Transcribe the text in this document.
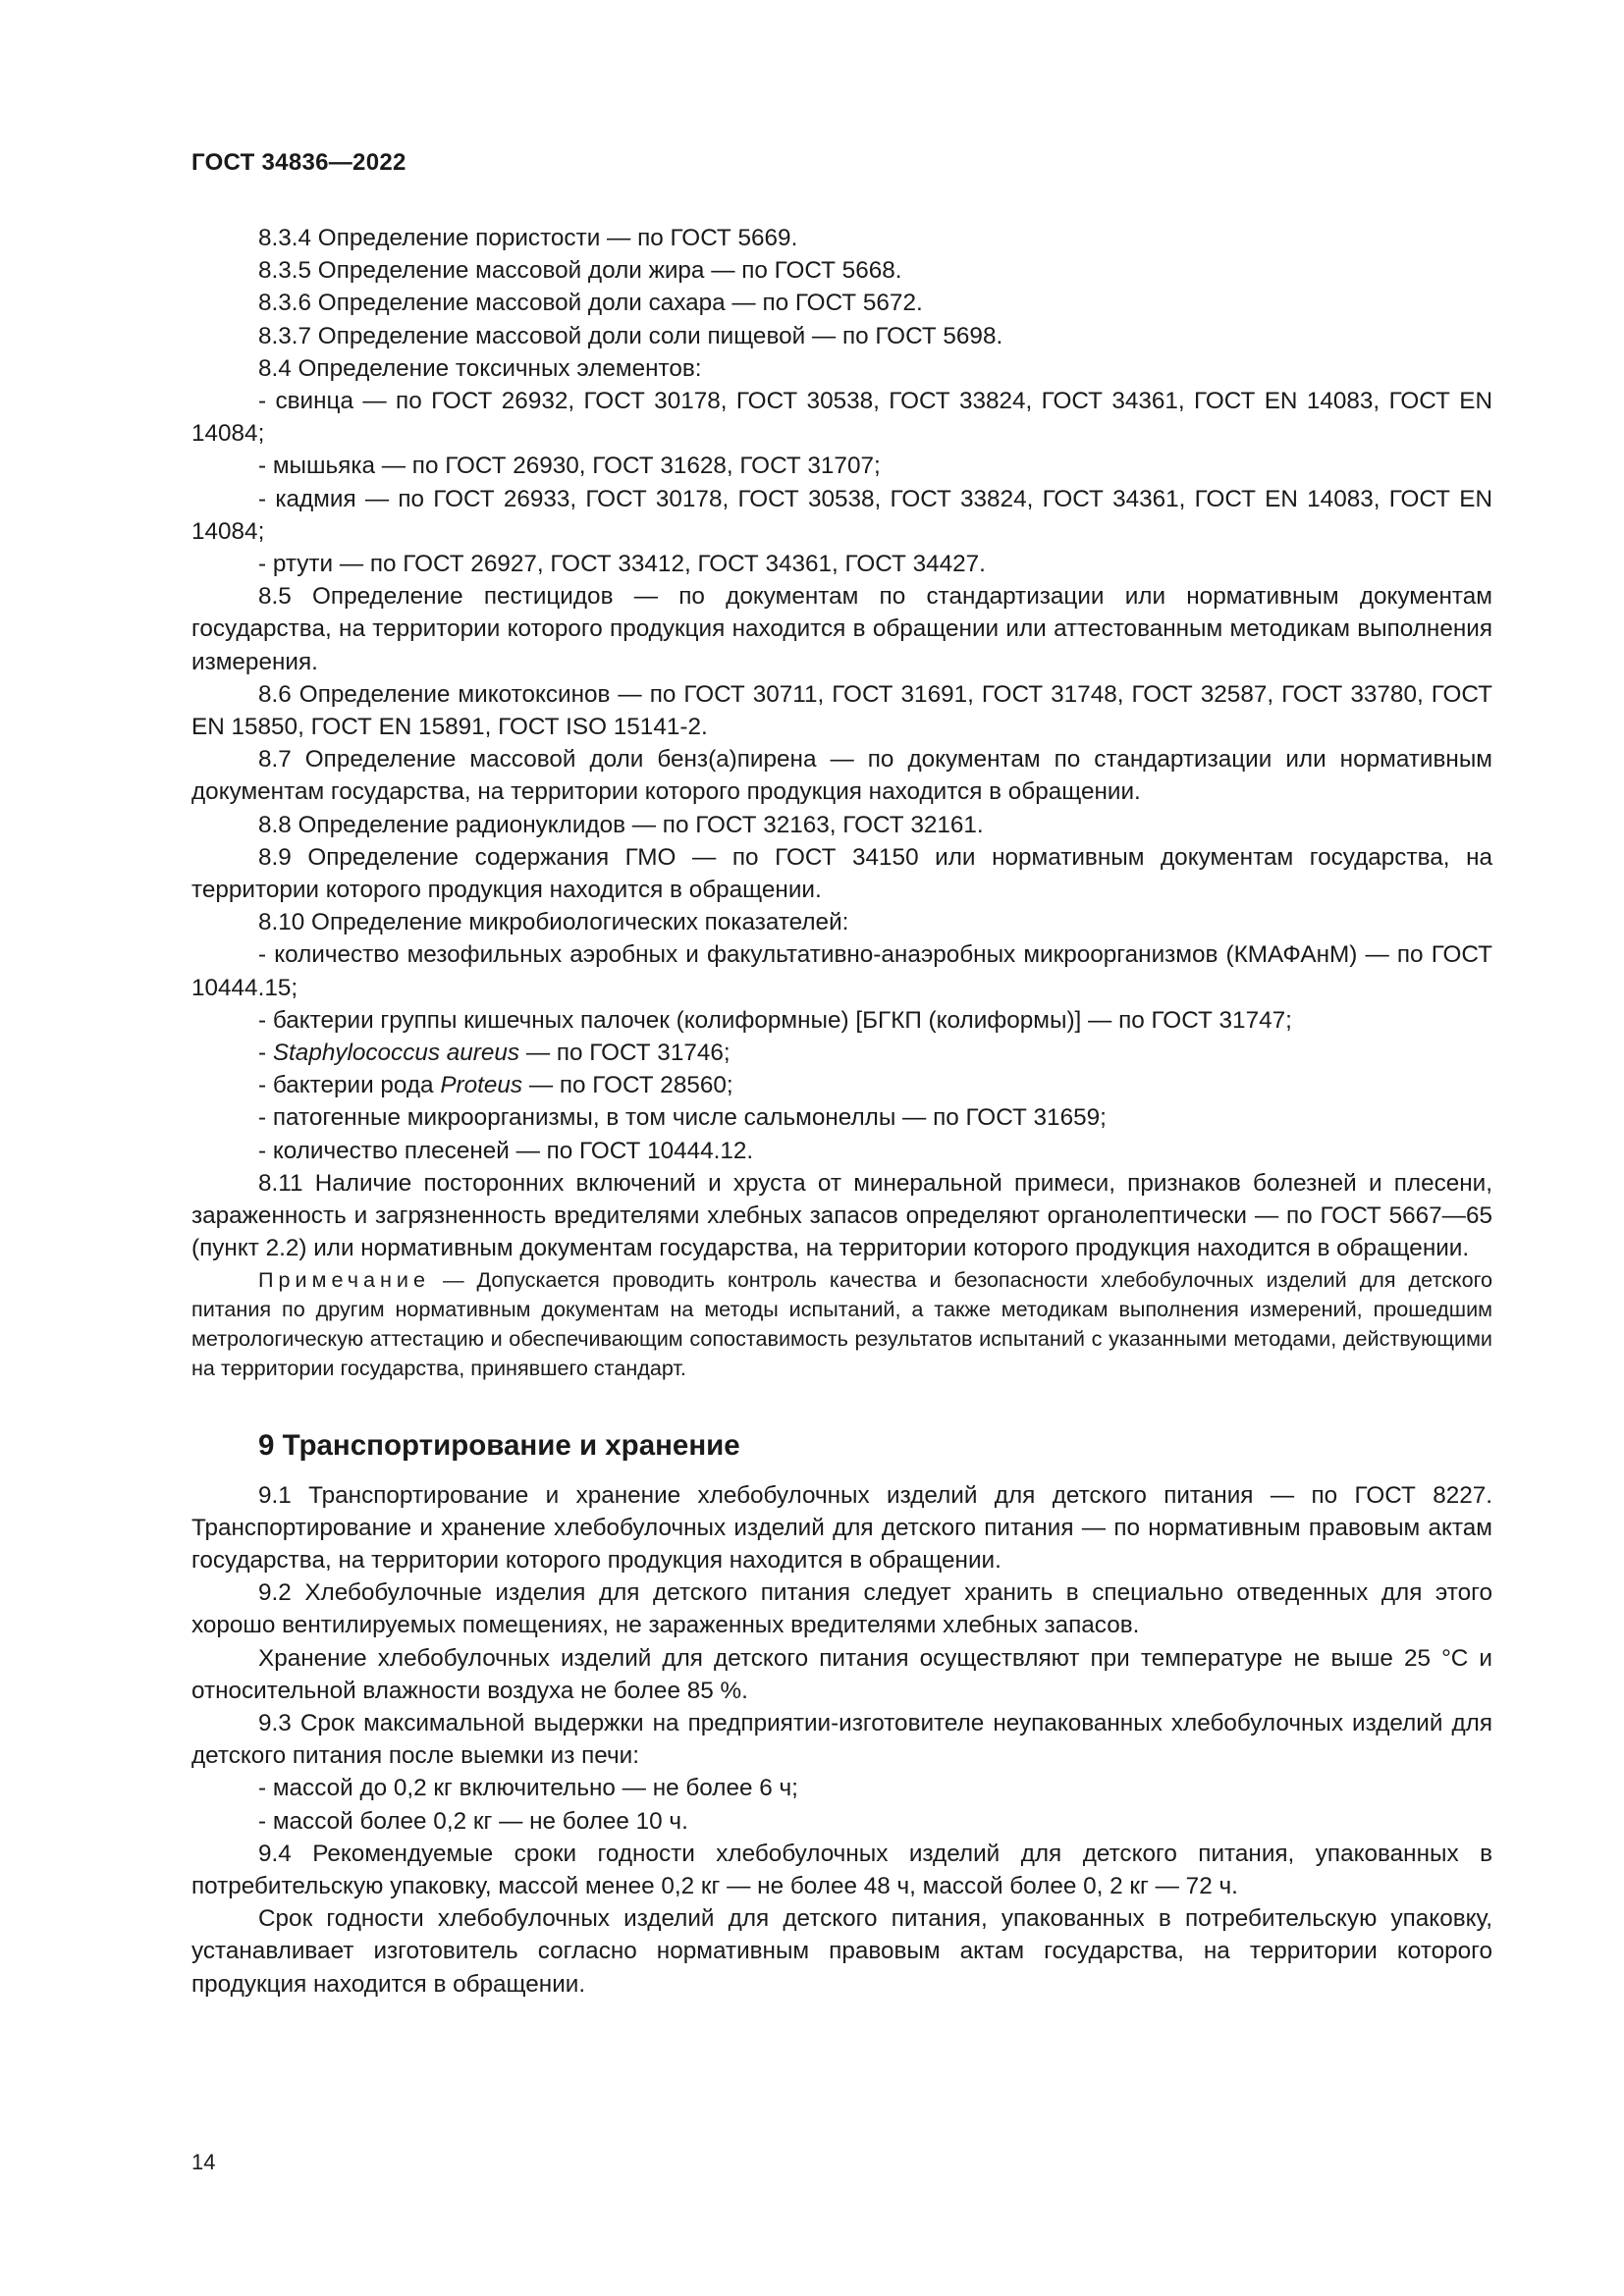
ГОСТ 34836—2022

8.3.4 Определение пористости — по ГОСТ 5669.

8.3.5 Определение массовой доли жира — по ГОСТ 5668.

8.3.6 Определение массовой доли сахара — по ГОСТ 5672.

8.3.7 Определение массовой доли соли пищевой — по ГОСТ 5698.

8.4 Определение токсичных элементов:

- свинца — по ГОСТ 26932, ГОСТ 30178, ГОСТ 30538, ГОСТ 33824, ГОСТ 34361, ГОСТ EN 14083, ГОСТ EN 14084;

- мышьяка — по ГОСТ 26930, ГОСТ 31628, ГОСТ 31707;

- кадмия — по ГОСТ 26933, ГОСТ 30178, ГОСТ 30538, ГОСТ 33824, ГОСТ 34361, ГОСТ EN 14083, ГОСТ EN 14084;

- ртути — по ГОСТ 26927, ГОСТ 33412, ГОСТ 34361, ГОСТ 34427.

8.5 Определение пестицидов — по документам по стандартизации или нормативным документам государства, на территории которого продукция находится в обращении или аттестованным методикам выполнения измерения.

8.6 Определение микотоксинов — по ГОСТ 30711, ГОСТ 31691, ГОСТ 31748, ГОСТ 32587, ГОСТ 33780, ГОСТ EN 15850, ГОСТ EN 15891, ГОСТ ISO 15141-2.

8.7 Определение массовой доли бенз(а)пирена — по документам по стандартизации или нормативным документам государства, на территории которого продукция находится в обращении.

8.8 Определение радионуклидов — по ГОСТ 32163, ГОСТ 32161.

8.9 Определение содержания ГМО — по ГОСТ 34150 или нормативным документам государства, на территории которого продукция находится в обращении.

8.10 Определение микробиологических показателей:

- количество мезофильных аэробных и факультативно-анаэробных микроорганизмов (КМАФАнМ) — по ГОСТ 10444.15;

- бактерии группы кишечных палочек (колиформные) [БГКП (колиформы)] — по ГОСТ 31747;

- Staphylococcus aureus — по ГОСТ 31746;

- бактерии рода Proteus — по ГОСТ 28560;

- патогенные микроорганизмы, в том числе сальмонеллы — по ГОСТ 31659;

- количество плесеней — по ГОСТ 10444.12.

8.11 Наличие посторонних включений и хруста от минеральной примеси, признаков болезней и плесени, зараженность и загрязненность вредителями хлебных запасов определяют органолептически — по ГОСТ 5667—65 (пункт 2.2) или нормативным документам государства, на территории которого продукция находится в обращении.

Примечание — Допускается проводить контроль качества и безопасности хлебобулочных изделий для детского питания по другим нормативным документам на методы испытаний, а также методикам выполнения измерений, прошедшим метрологическую аттестацию и обеспечивающим сопоставимость результатов испытаний с указанными методами, действующими на территории государства, принявшего стандарт.

9 Транспортирование и хранение

9.1 Транспортирование и хранение хлебобулочных изделий для детского питания — по ГОСТ 8227. Транспортирование и хранение хлебобулочных изделий для детского питания — по нормативным правовым актам государства, на территории которого продукция находится в обращении.

9.2 Хлебобулочные изделия для детского питания следует хранить в специально отведенных для этого хорошо вентилируемых помещениях, не зараженных вредителями хлебных запасов.

Хранение хлебобулочных изделий для детского питания осуществляют при температуре не выше 25 °С и относительной влажности воздуха не более 85 %.

9.3 Срок максимальной выдержки на предприятии-изготовителе неупакованных хлебобулочных изделий для детского питания после выемки из печи:

- массой до 0,2 кг включительно — не более 6 ч;

- массой более 0,2 кг — не более 10 ч.

9.4 Рекомендуемые сроки годности хлебобулочных изделий для детского питания, упакованных в потребительскую упаковку, массой менее 0,2 кг — не более 48 ч, массой более 0, 2 кг — 72 ч.

Срок годности хлебобулочных изделий для детского питания, упакованных в потребительскую упаковку, устанавливает изготовитель согласно нормативным правовым актам государства, на территории которого продукция находится в обращении.

14
